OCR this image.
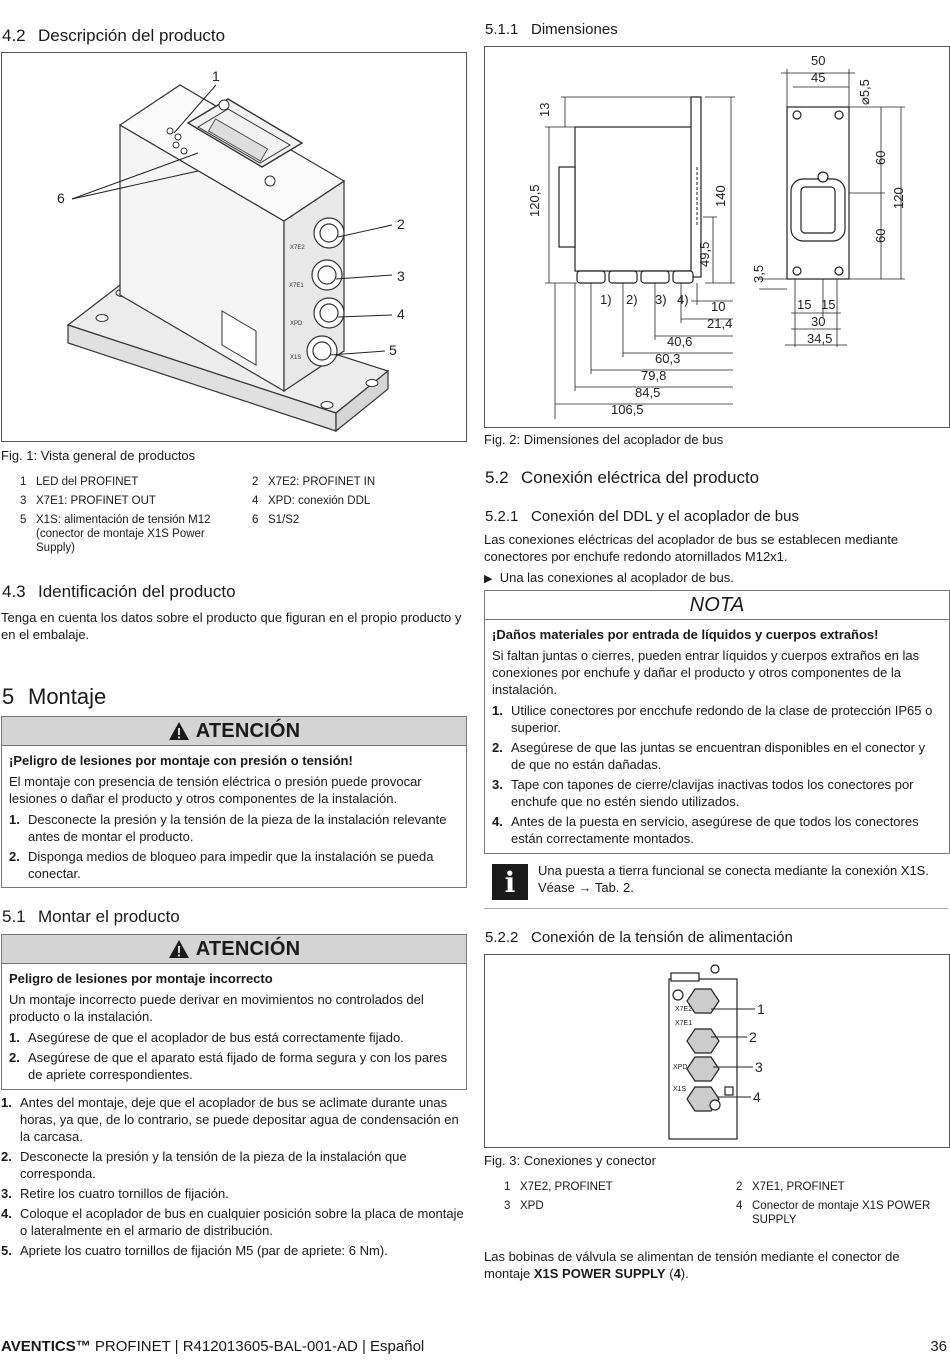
4.2 Descripción del producto
X7E2
X7E1
XPD
X1S
1
6
2
3
4
5
Fig. 1: Vista general de productos
1 LED del PROFINET	2 X7E2: PROFINET IN
3 X7E1: PROFINET OUT	4 XPD: conexión DDL
5 X1S: alimentación de tensión M12 (conector de montaje X1S Power Supply)
6 S1/S2
4.3 Identificación del producto
Tenga en cuenta los datos sobre el producto que figuran en el propio producto y en el embalaje.
5 Montaje
ATENCIÓN
¡Peligro de lesiones por montaje con presión o tensión!
El montaje con presencia de tensión eléctrica o presión puede provocar lesiones o dañar el producto y otros componentes de la instalación.
1. Desconecte la presión y la tensión de la pieza de la instalación relevante antes de montar el producto.
2. Disponga medios de bloqueo para impedir que la instalación se pueda conectar.
5.1 Montar el producto
ATENCIÓN
Peligro de lesiones por montaje incorrecto
Un montaje incorrecto puede derivar en movimientos no controlados del producto o la instalación.
1. Asegúrese de que el acoplador de bus está correctamente fijado.
2. Asegúrese de que el aparato está fijado de forma segura y con los pares de apriete correspondientes.
1. Antes del montaje, deje que el acoplador de bus se aclimate durante unas horas, ya que, de lo contrario, se puede depositar agua de condensación en la carcasa.
2. Desconecte la presión y la tensión de la pieza de la instalación que corresponda.
3. Retire los cuatro tornillos de fijación.
4. Coloque el acoplador de bus en cualquier posición sobre la placa de montaje o lateralmente en el armario de distribución.
5. Apriete los cuatro tornillos de fijación M5 (par de apriete: 6 Nm).
5.1.1 Dimensiones
13
120,5	140
49,5
3,5
10
21,4
40,6
60,3
79,8
84,5
106,5
1) 2) 3) 4)
50
45
⌀5,5
60
120
60
15 15
30
34,5
Fig. 2: Dimensiones del acoplador de bus
5.2 Conexión eléctrica del producto
5.2.1 Conexión del DDL y el acoplador de bus
Las conexiones eléctricas del acoplador de bus se establecen mediante conectores por enchufe redondo atornillados M12x1.
▶ Una las conexiones al acoplador de bus.
NOTA
¡Daños materiales por entrada de líquidos y cuerpos extraños!
Si faltan juntas o cierres, pueden entrar líquidos y cuerpos extraños en las conexiones por enchufe y dañar el producto y otros componentes de la instalación.
1. Utilice conectores por encchufe redondo de la clase de protección IP65 o superior.
2. Asegúrese de que las juntas se encuentran disponibles en el conector y de que no están dañadas.
3. Tape con tapones de cierre/clavijas inactivas todos los conectores por enchufe que no estén siendo utilizados.
4. Antes de la puesta en servicio, asegúrese de que todos los conectores están correctamente montados.
i	Una puesta a tierra funcional se conecta mediante la conexión X1S. Véase → Tab. 2.
5.2.2 Conexión de la tensión de alimentación
X7E2
X7E1
XPD
X1S
1
2
3
4
Fig. 3: Conexiones y conector
1 X7E2, PROFINET	2 X7E1, PROFINET
3 XPD	4 Conector de montaje X1S POWER SUPPLY
Las bobinas de válvula se alimentan de tensión mediante el conector de montaje X1S POWER SUPPLY (4).
AVENTICS™ PROFINET | R412013605-BAL-001-AD | Español	36
